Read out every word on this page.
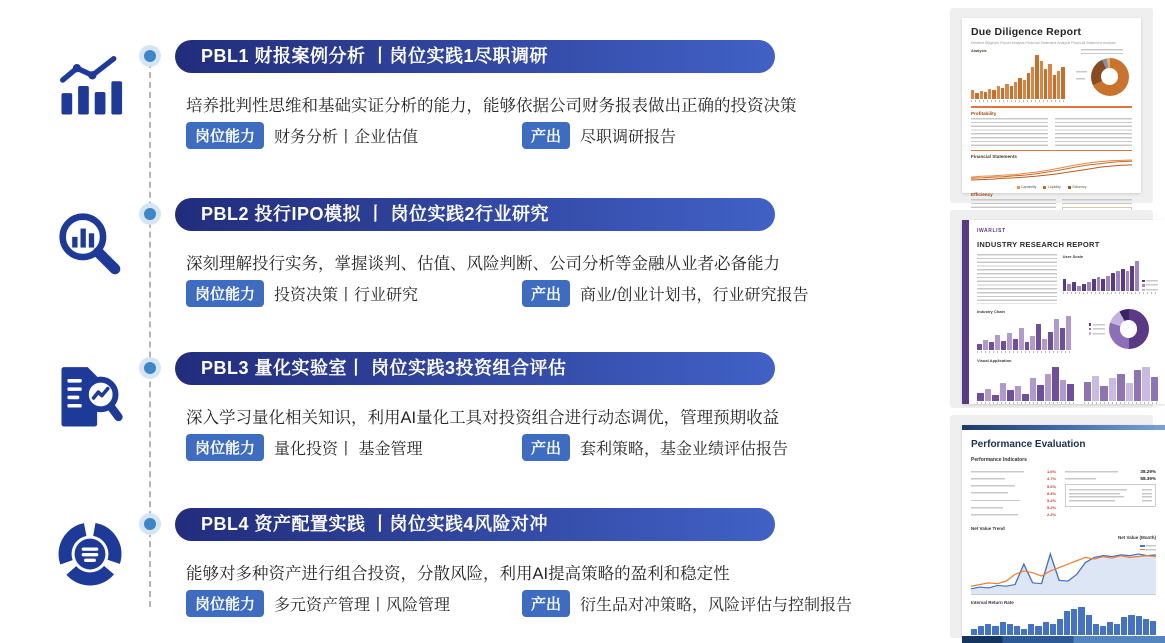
PBL1 财报案例分析 丨岗位实践1尽职调研
培养批判性思维和基础实证分析的能力，能够依据公司财务报表做出正确的投资决策
岗位能力	财务分析丨企业估值	产出	尽职调研报告
PBL2 投行IPO模拟 丨 岗位实践2行业研究
深刻理解投行实务，掌握谈判、估值、风险判断、公司分析等金融从业者必备能力
岗位能力	投资决策丨行业研究	产出	商业/创业计划书，行业研究报告
PBL3 量化实验室丨 岗位实践3投资组合评估
深入学习量化相关知识，利用AI量化工具对投资组合进行动态调优，管理预期收益
岗位能力	量化投资丨 基金管理	产出	套利策略，基金业绩评估报告
PBL4 资产配置实践 丨岗位实践4风险对冲
能够对多种资产进行组合投资，分散风险，利用AI提高策略的盈利和稳定性
岗位能力	多元资产管理丨风险管理	产出	衍生品对冲策略，风险评估与控制报告
Due Diligence Report
Detailed Diligence Report Analysis Financial Statement Analysis Financial Statement Analysis
Analysis
Profitability
Financial Statements
Capability	Liquidity	Solvency
Efficiency
IWARLIST
INDUSTRY RESEARCH REPORT
User Scale
Industry Chain
Visual Application
Performance Evaluation
Performance Indicators
1.6%
4.7%
5.6%
8.4%
5.2%
5.2%
2.2%
38.29%
58.39%
Net Value Trend
Net Value (Month)
Interval Return Rate
